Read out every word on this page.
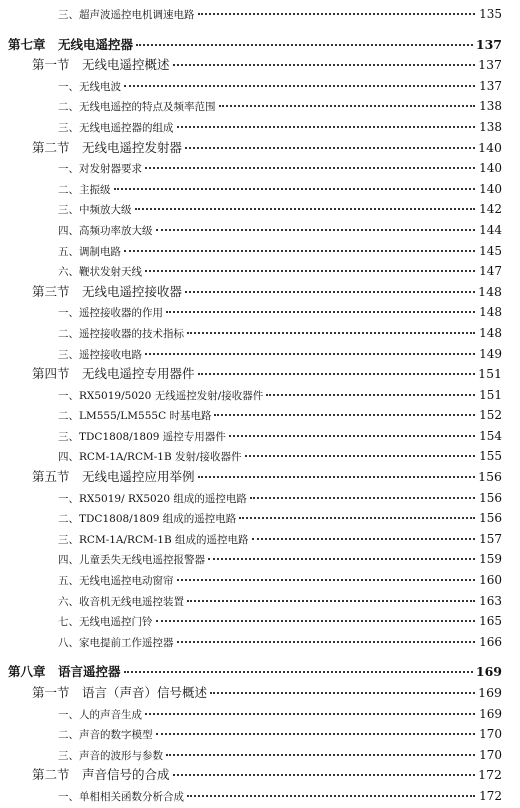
三、超声波遥控电机调速电路	135
第七章　无线电遥控器	137
第一节　无线电遥控概述	137
一、无线电波	137
二、无线电遥控的特点及频率范围	138
三、无线电遥控器的组成	138
第二节　无线电遥控发射器	140
一、对发射器要求	140
二、主振级	140
三、中频放大级	142
四、高频功率放大级	144
五、调制电路	145
六、鞭状发射天线	147
第三节　无线电遥控接收器	148
一、遥控接收器的作用	148
二、遥控接收器的技术指标	148
三、遥控接收电路	149
第四节　无线电遥控专用器件	151
一、RX5019/5020 无线遥控发射/接收器件	151
二、LM555/LM555C 时基电路	152
三、TDC1808/1809 遥控专用器件	154
四、RCM-1A/RCM-1B 发射/接收器件	155
第五节　无线电遥控应用举例	156
一、RX5019/ RX5020 组成的遥控电路	156
二、TDC1808/1809 组成的遥控电路	156
三、RCM-1A/RCM-1B 组成的遥控电路	157
四、儿童丢失无线电遥控报警器	159
五、无线电遥控电动窗帘	160
六、收音机无线电遥控装置	163
七、无线电遥控门铃	165
八、家电提前工作遥控器	166
第八章　语言遥控器	169
第一节　语言（声音）信号概述	169
一、人的声音生成	169
二、声音的数字模型	170
三、声音的波形与参数	170
第二节　声音信号的合成	172
一、单相相关函数分析合成	172
